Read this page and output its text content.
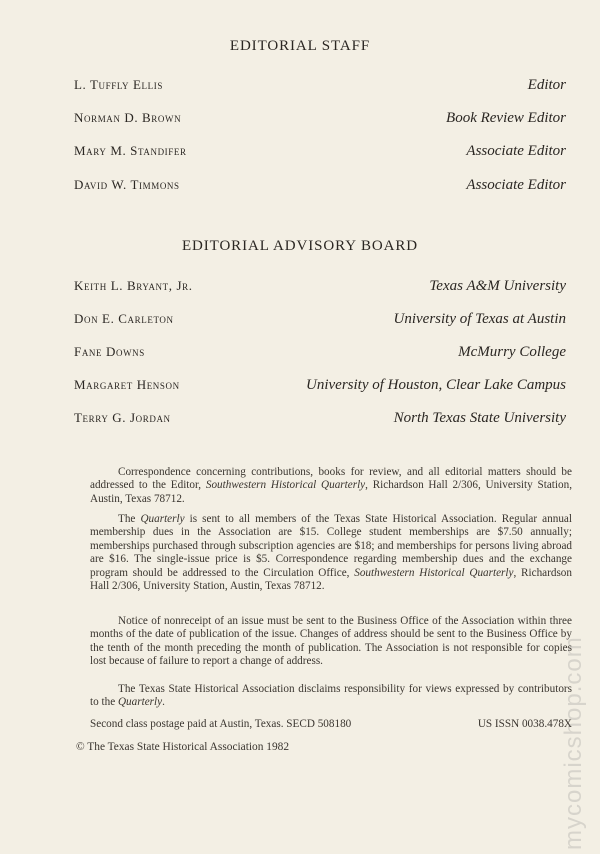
EDITORIAL STAFF
L. Tuffly Ellis	Editor
Norman D. Brown	Book Review Editor
Mary M. Standifer	Associate Editor
David W. Timmons	Associate Editor
EDITORIAL ADVISORY BOARD
Keith L. Bryant, Jr.	Texas A&M University
Don E. Carleton	University of Texas at Austin
Fane Downs	McMurry College
Margaret Henson	University of Houston, Clear Lake Campus
Terry G. Jordan	North Texas State University

Correspondence concerning contributions, books for review, and all editorial matters should be addressed to the Editor, Southwestern Historical Quarterly, Richardson Hall 2/306, University Station, Austin, Texas 78712.

The Quarterly is sent to all members of the Texas State Historical Association. Regular annual membership dues in the Association are $15. College student memberships are $7.50 annually; memberships purchased through subscription agencies are $18; and memberships for persons living abroad are $16. The single-issue price is $5. Correspondence regarding membership dues and the exchange program should be addressed to the Circulation Office, Southwestern Historical Quarterly, Richardson Hall 2/306, University Station, Austin, Texas 78712.

Notice of nonreceipt of an issue must be sent to the Business Office of the Association within three months of the date of publication of the issue. Changes of address should be sent to the Business Office by the tenth of the month preceding the month of publication. The Association is not responsible for copies lost because of failure to report a change of address.

The Texas State Historical Association disclaims responsibility for views expressed by contributors to the Quarterly.

Second class postage paid at Austin, Texas. SECD 508180	US ISSN 0038.478X
© The Texas State Historical Association 1982	mycomicshop.com
